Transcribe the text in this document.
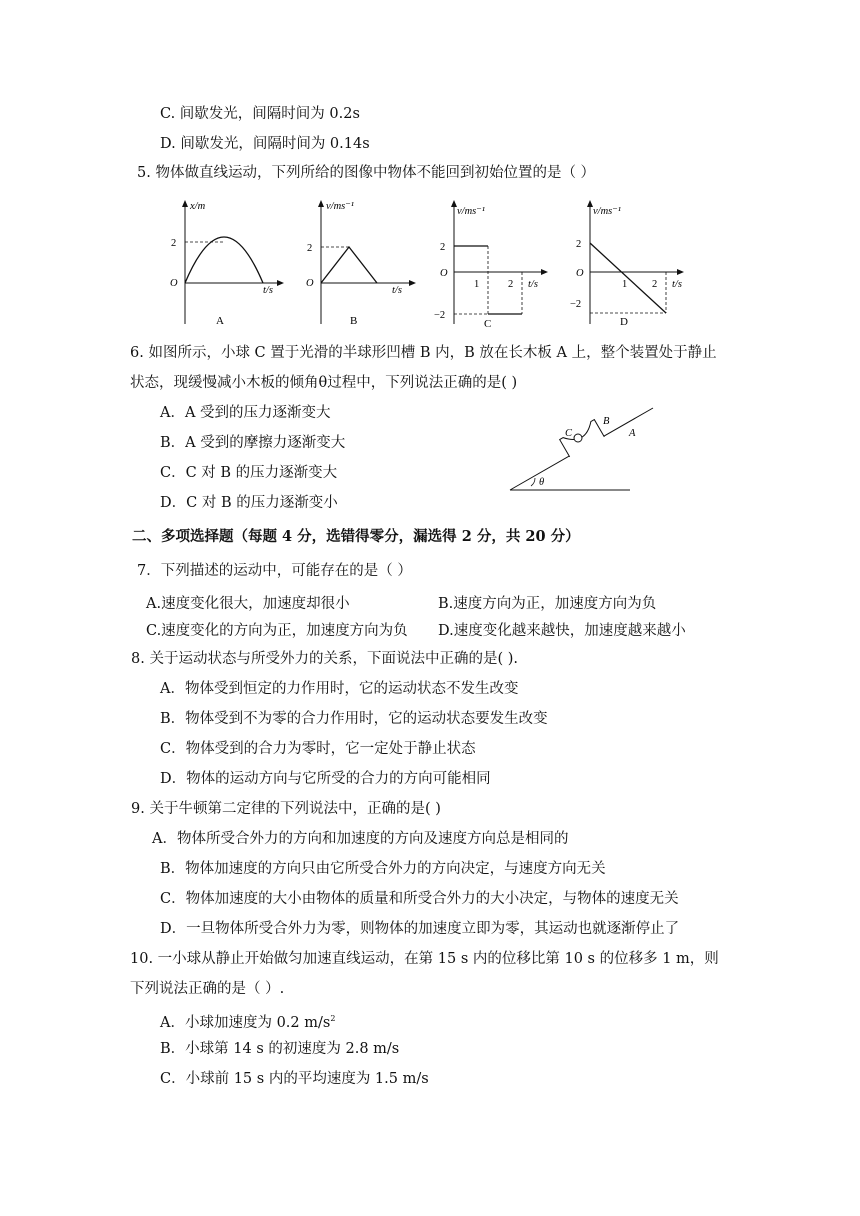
C. 间歇发光，间隔时间为 0.2s
D. 间歇发光，间隔时间为 0.14s
5. 物体做直线运动，下列所给的图像中物体不能回到初始位置的是（ ）
x/m
2
O
t/s
A
v/ms⁻¹
2
O
t/s
B
v/ms⁻¹
2
O
−2
1	2 t/s
C
v/ms⁻¹
2
O
−2
1 2 t/s
D
6. 如图所示，小球 C 置于光滑的半球形凹槽 B 内，B 放在长木板 A 上，整个装置处于静止
状态，现缓慢减小木板的倾角θ过程中，下列说法正确的是( )
A．A 受到的压力逐渐变大
B．A 受到的摩擦力逐渐变大
C．C 对 B 的压力逐渐变大
D．C 对 B 的压力逐渐变小
C
B
A
θ
二、多项选择题（每题 4 分，选错得零分，漏选得 2 分，共 20 分）
7．下列描述的运动中，可能存在的是（ ）
A.速度变化很大，加速度却很小	B.速度方向为正，加速度方向为负
C.速度变化的方向为正，加速度方向为负 D.速度变化越来越快，加速度越来越小
8. 关于运动状态与所受外力的关系，下面说法中正确的是( ).
A．物体受到恒定的力作用时，它的运动状态不发生改变
B．物体受到不为零的合力作用时，它的运动状态要发生改变
C．物体受到的合力为零时，它一定处于静止状态
D．物体的运动方向与它所受的合力的方向可能相同
9. 关于牛顿第二定律的下列说法中，正确的是( )
A．物体所受合外力的方向和加速度的方向及速度方向总是相同的
B．物体加速度的方向只由它所受合外力的方向决定，与速度方向无关
C．物体加速度的大小由物体的质量和所受合外力的大小决定，与物体的速度无关
D．一旦物体所受合外力为零，则物体的加速度立即为零，其运动也就逐渐停止了
10. 一小球从静止开始做匀加速直线运动，在第 15 s 内的位移比第 10 s 的位移多 1 m，则
下列说法正确的是（ ）.
A．小球加速度为 0.2 $m/s^2$
B．小球第 14 s 的初速度为 2.8 m/s
C．小球前 15 s 内的平均速度为 1.5 m/s
